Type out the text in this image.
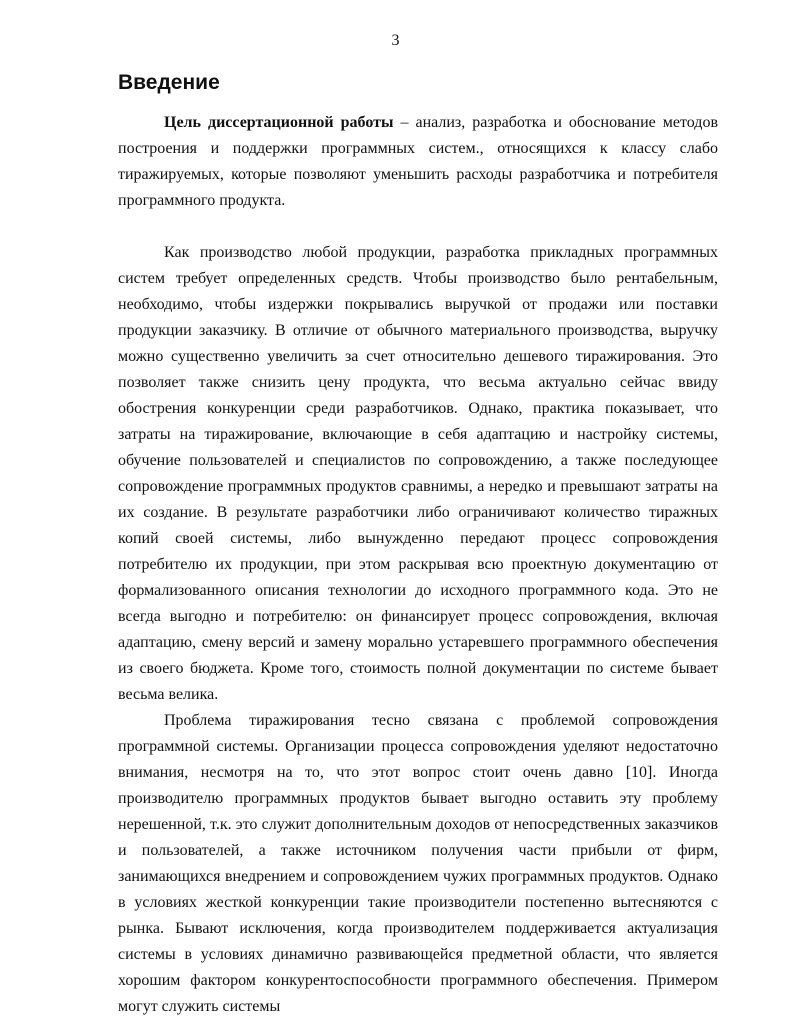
3
Введение

Цель диссертационной работы – анализ, разработка и обоснование методов построения и поддержки программных систем., относящихся к классу слабо тиражируемых, которые позволяют уменьшить расходы разработчика и потребителя программного продукта.

Как производство любой продукции, разработка прикладных программных систем требует определенных средств. Чтобы производство было рентабельным, необходимо, чтобы издержки покрывались выручкой от продажи или поставки продукции заказчику. В отличие от обычного материального производства, выручку можно существенно увеличить за счет относительно дешевого тиражирования. Это позволяет также снизить цену продукта, что весьма актуально сейчас ввиду обострения конкуренции среди разработчиков. Однако, практика показывает, что затраты на тиражирование, включающие в себя адаптацию и настройку системы, обучение пользователей и специалистов по сопровождению, а также последующее сопровождение программных продуктов сравнимы, а нередко и превышают затраты на их создание. В результате разработчики либо ограничивают количество тиражных копий своей системы, либо вынужденно передают процесс сопровождения потребителю их продукции, при этом раскрывая всю проектную документацию от формализованного описания технологии до исходного программного кода. Это не всегда выгодно и потребителю: он финансирует процесс сопровождения, включая адаптацию, смену версий и замену морально устаревшего программного обеспечения из своего бюджета. Кроме того, стоимость полной документации по системе бывает весьма велика.

Проблема тиражирования тесно связана с проблемой сопровождения программной системы. Организации процесса сопровождения уделяют недостаточно внимания, несмотря на то, что этот вопрос стоит очень давно [10]. Иногда производителю программных продуктов бывает выгодно оставить эту проблему нерешенной, т.к. это служит дополнительным доходов от непосредственных заказчиков и пользователей, а также источником получения части прибыли от фирм, занимающихся внедрением и сопровождением чужих программных продуктов. Однако в условиях жесткой конкуренции такие производители постепенно вытесняются с рынка. Бывают исключения, когда производителем поддерживается актуализация системы в условиях динамично развивающейся предметной области, что является хорошим фактором конкурентоспособности программного обеспечения. Примером могут служить системы
